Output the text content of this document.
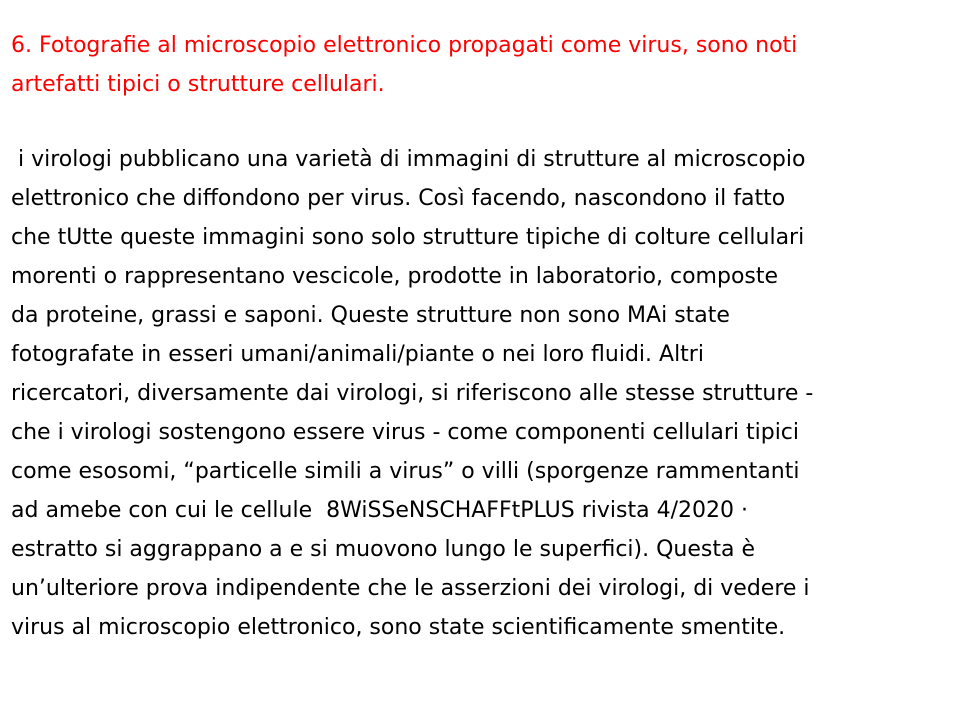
6. Fotografie al microscopio elettronico propagati come virus, sono noti
artefatti tipici o strutture cellulari.
i virologi pubblicano una varietà di immagini di strutture al microscopio
elettronico che diffondono per virus. Così facendo, nascondono il fatto
che tUtte queste immagini sono solo strutture tipiche di colture cellulari
morenti o rappresentano vescicole, prodotte in laboratorio, composte
da proteine, grassi e saponi. Queste strutture non sono MAi state
fotografate in esseri umani/animali/piante o nei loro fluidi. Altri
ricercatori, diversamente dai virologi, si riferiscono alle stesse strutture -
che i virologi sostengono essere virus - come componenti cellulari tipici
come esosomi, “particelle simili a virus” o villi (sporgenze rammentanti
ad amebe con cui le cellule  8WiSSeNSCHAFFtPLUS rivista 4/2020 ·
estratto si aggrappano a e si muovono lungo le superfici). Questa è
un’ulteriore prova indipendente che le asserzioni dei virologi, di vedere i
virus al microscopio elettronico, sono state scientificamente smentite.
